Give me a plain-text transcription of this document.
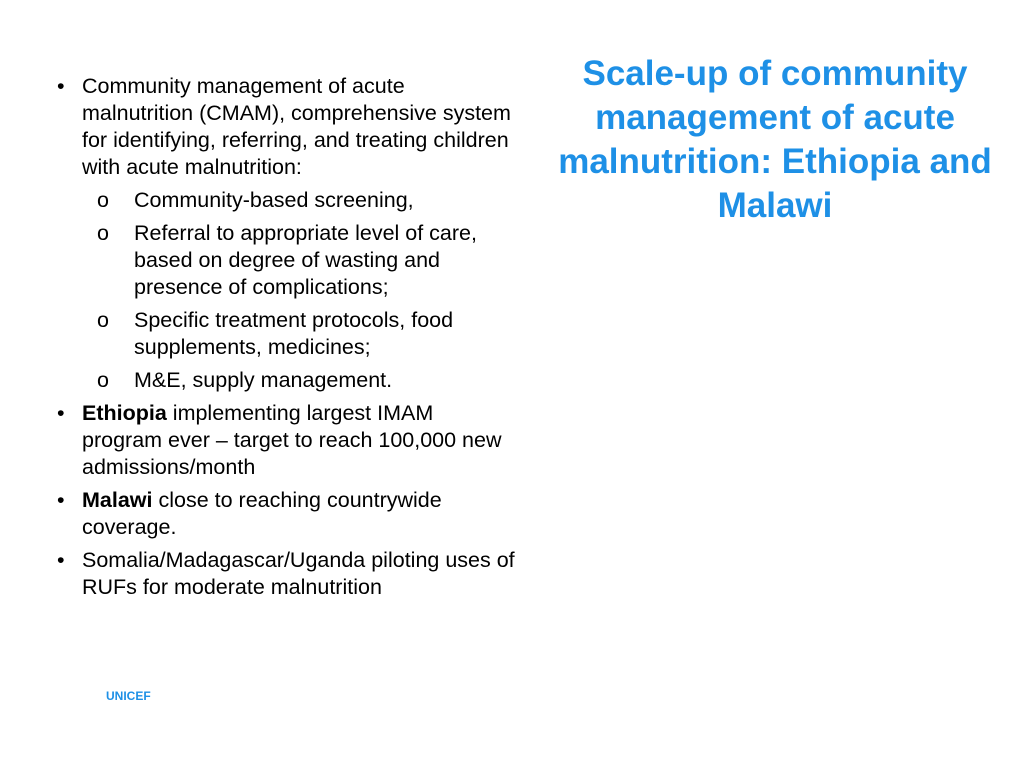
Scale-up of community management of acute malnutrition: Ethiopia and Malawi
• Community management of acute malnutrition (CMAM), comprehensive system for identifying, referring, and treating children with acute malnutrition:
o	Community-based screening,
o	Referral to appropriate level of care, based on degree of wasting and presence of complications;
o	Specific treatment protocols, food supplements, medicines;
o	M&E, supply management.
• Ethiopia implementing largest IMAM program ever – target to reach 100,000 new admissions/month
• Malawi close to reaching countrywide coverage.
• Somalia/Madagascar/Uganda piloting uses of RUFs for moderate malnutrition
UNICEF
